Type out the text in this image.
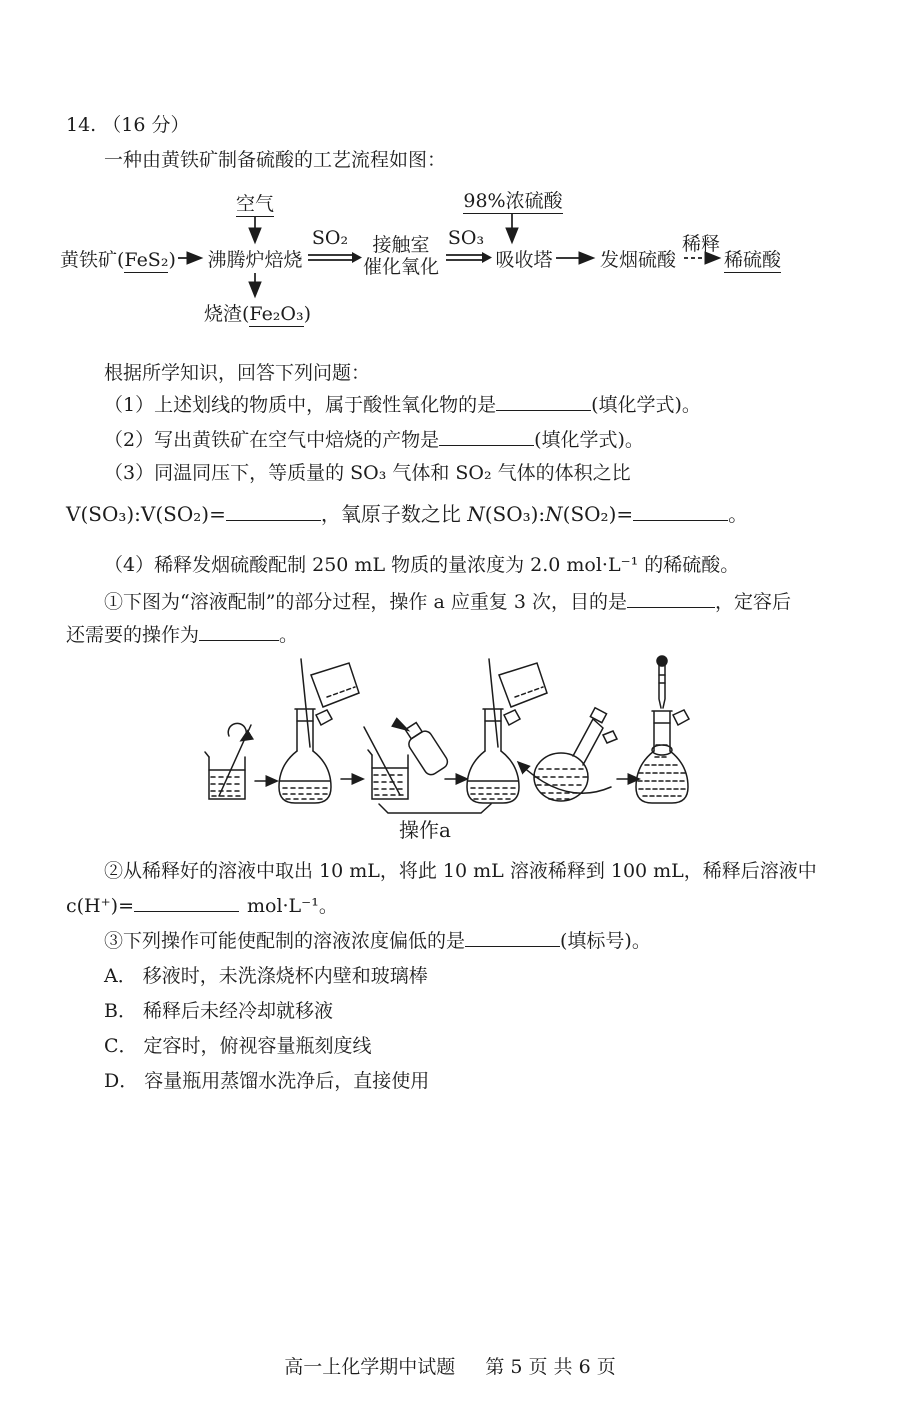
14. （16 分）
一种由黄铁矿制备硫酸的工艺流程如图：
空气	98%浓硫酸
黄铁矿(FeS₂) 沸腾炉焙烧
SO₂	接触室
催化氧化
SO₃
吸收塔 发烟硫酸
稀释
稀硫酸
烧渣(Fe₂O₃)
根据所学知识，回答下列问题：
（1）上述划线的物质中，属于酸性氧化物的是	(填化学式)。
（2）写出黄铁矿在空气中焙烧的产物是	(填化学式)。
（3）同温同压下，等质量的 SO₃ 气体和 SO₂ 气体的体积之比
V(SO₃):V(SO₂)=	，氧原子数之比 N(SO₃):N(SO₂)=	。
（4）稀释发烟硫酸配制 250 mL 物质的量浓度为 2.0 mol·L⁻¹ 的稀硫酸。
①下图为“溶液配制”的部分过程，操作 a 应重复 3 次，目的是	，定容后
还需要的操作为	。
操作a
②从稀释好的溶液中取出 10 mL，将此 10 mL 溶液稀释到 100 mL，稀释后溶液中
c(H⁺)=	mol·L⁻¹。
③下列操作可能使配制的溶液浓度偏低的是	(填标号)。
A． 移液时，未洗涤烧杯内壁和玻璃棒
B． 稀释后未经冷却就移液
C． 定容时，俯视容量瓶刻度线
D． 容量瓶用蒸馏水洗净后，直接使用
高一上化学期中试题 第 5 页 共 6 页
